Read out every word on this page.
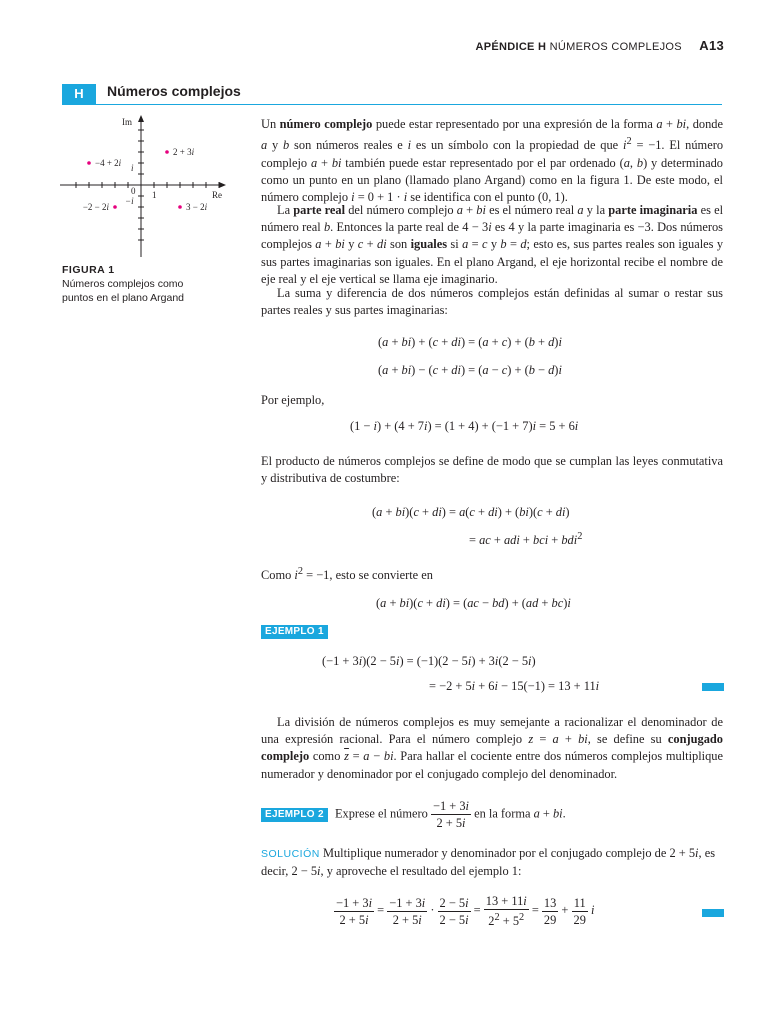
APÉNDICE H NÚMEROS COMPLEJOS A13
H	Números complejos
Im
Re
0 1
i
−i
2 + 3i
−4 + 2i
−2 − 2i	3 − 2i
FIGURA 1
Números complejos como puntos en el plano Argand

Un número complejo puede estar representado por una expresión de la forma a + bi, donde a y b son números reales e i es un símbolo con la propiedad de que $i^2 = -1$. El número complejo a + bi también puede estar representado por el par ordenado (a, b) y determinado como un punto en un plano (llamado plano Argand) como en la figura 1. De este modo, el número complejo i = 0 + 1 · i se identifica con el punto (0, 1).

La parte real del número complejo a + bi es el número real a y la parte imaginaria es el número real b. Entonces la parte real de 4 − 3i es 4 y la parte imaginaria es −3. Dos números complejos a + bi y c + di son iguales si a = c y b = d; esto es, sus partes reales son iguales y sus partes imaginarias son iguales. En el plano Argand, el eje horizontal recibe el nombre de eje real y el eje vertical se llama eje imaginario.

La suma y diferencia de dos números complejos están definidas al sumar o restar sus partes reales y sus partes imaginarias:

(a + bi) + (c + di) = (a + c) + (b + d)i
(a + bi) − (c + di) = (a − c) + (b − d)i
Por ejemplo,
(1 − i) + (4 + 7i) = (1 + 4) + (−1 + 7)i = 5 + 6i

El producto de números complejos se define de modo que se cumplan las leyes conmutativa y distributiva de costumbre:

(a + bi)(c + di) = a(c + di) + (bi)(c + di)
= ac + adi + bci + bdi$^2$
Como $i^2 = -1$, esto se convierte en
(a + bi)(c + di) = (ac − bd) + (ad + bc)i
EJEMPLO 1
(−1 + 3i)(2 − 5i) = (−1)(2 − 5i) + 3i(2 − 5i)
= −2 + 5i + 6i − 15(−1) = 13 + 11i

La división de números complejos es muy semejante a racionalizar el denominador de una expresión racional. Para el número complejo z = a + bi, se define su conjugado complejo como $\overline{z} = a$ − bi. Para hallar el cociente entre dos números complejos multiplique numerador y denominador por el conjugado complejo del denominador.

EJEMPLO 2 Exprese el número $\frac{-1 + 3i}{2 + 5i}$ en la forma a + bi.

SOLUCIÓN Multiplique numerador y denominador por el conjugado complejo de 2 + 5i, es decir, 2 − 5i, y aproveche el resultado del ejemplo 1:

$\frac{-1 + 3i}{2 + 5i} = \frac{-1 + 3i}{2 + 5i} \cdot \frac{2 - 5i}{2 - 5i} = \frac{13 + 11i}{2^2 + 5^2} = \frac{13}{29} + \frac{11}{29}$ i
